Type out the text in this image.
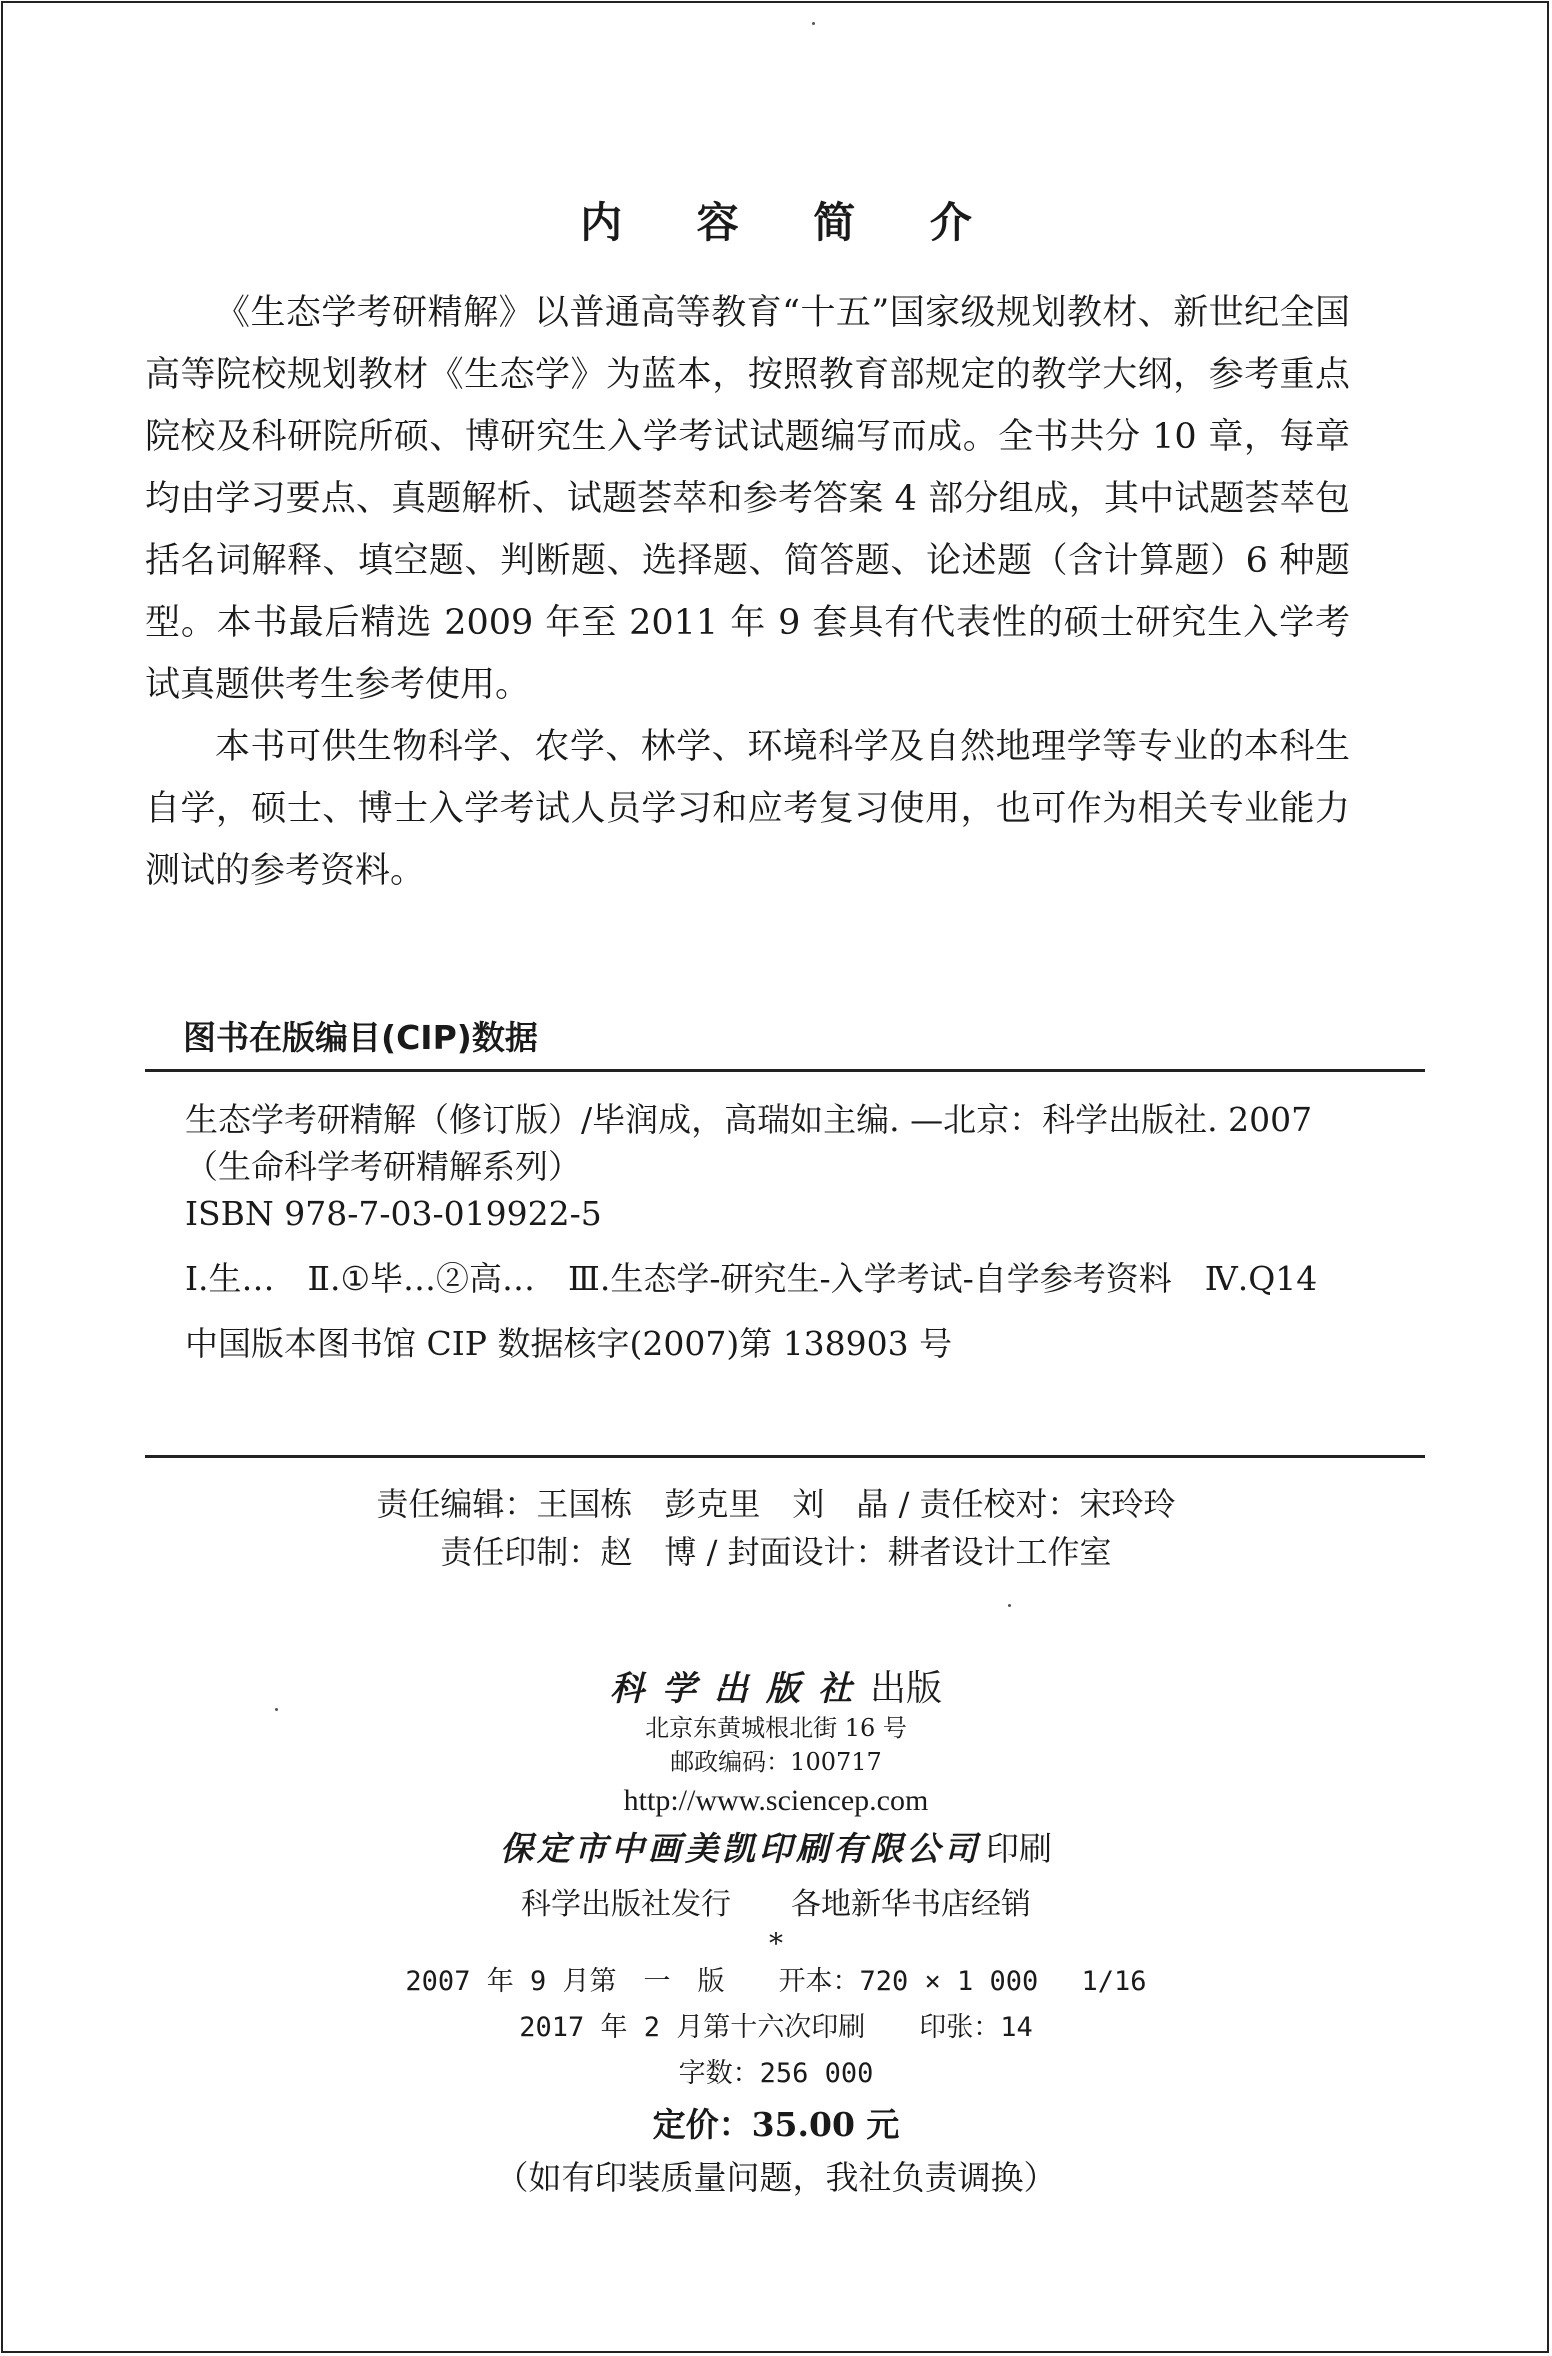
内 容 简 介

《生态学考研精解》以普通高等教育“十五”国家级规划教材、新世纪全国高等院校规划教材《生态学》为蓝本，按照教育部规定的教学大纲，参考重点院校及科研院所硕、博研究生入学考试试题编写而成。全书共分 10 章，每章均由学习要点、真题解析、试题荟萃和参考答案 4 部分组成，其中试题荟萃包括名词解释、填空题、判断题、选择题、简答题、论述题（含计算题）6 种题型。本书最后精选 2009 年至 2011 年 9 套具有代表性的硕士研究生入学考试真题供考生参考使用。

本书可供生物科学、农学、林学、环境科学及自然地理学等专业的本科生自学，硕士、博士入学考试人员学习和应考复习使用，也可作为相关专业能力测试的参考资料。

图书在版编目(CIP)数据
生态学考研精解（修订版）/毕润成，高瑞如主编. —北京：科学出版社. 2007
（生命科学考研精解系列）
ISBN 978-7-03-019922-5
Ⅰ.生…　Ⅱ.①毕…②高…　Ⅲ.生态学-研究生-入学考试-自学参考资料　Ⅳ.Q14
中国版本图书馆 CIP 数据核字(2007)第 138903 号
责任编辑：王国栋　彭克里　刘　晶 / 责任校对：宋玲玲
责任印制：赵　博 / 封面设计：耕者设计工作室
科学出版社出版
北京东黄城根北街 16 号
邮政编码：100717
http://www.sciencep.com
保定市中画美凯印刷有限公司 印刷
科学出版社发行　　各地新华书店经销
*
2007 年 9 月第　一　版　　开本：720 × 1 000　 1/16
2017 年 2 月第十六次印刷　　印张：14
字数：256 000
定价：35.00 元
（如有印装质量问题，我社负责调换）
